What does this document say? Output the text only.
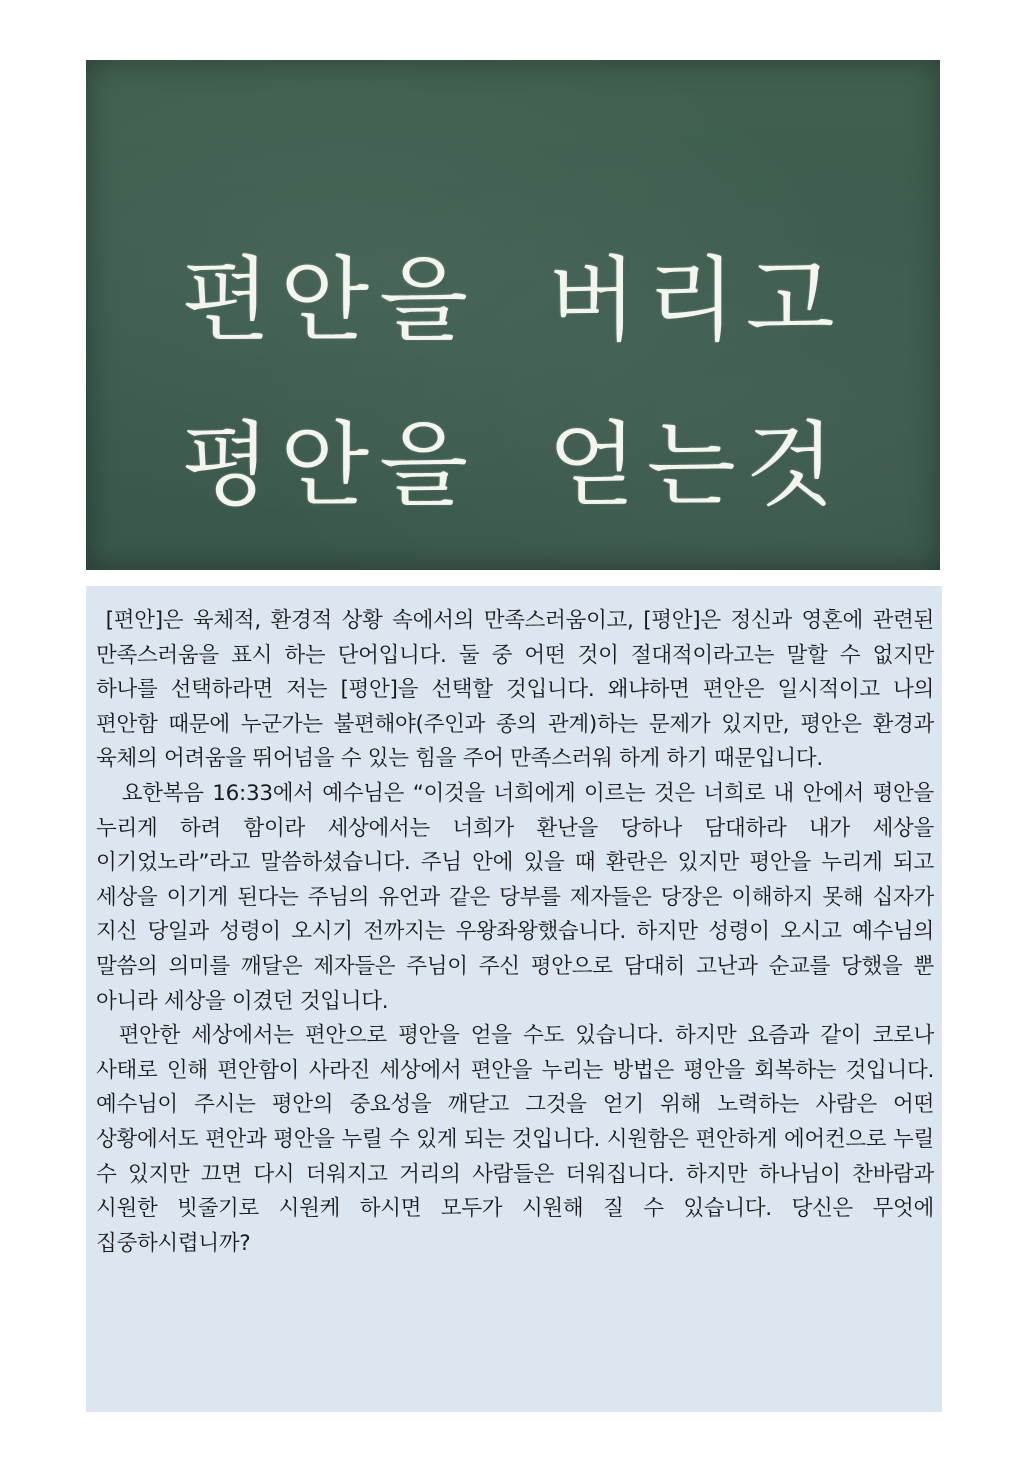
편안을 버리고
평안을 얻는것

[편안]은 육체적, 환경적 상황 속에서의 만족스러움이고, [평안]은 정신과 영혼에 관련된 만족스러움을 표시 하는 단어입니다. 둘 중 어떤 것이 절대적이라고는 말할 수 없지만 하나를 선택하라면 저는 [평안]을 선택할 것입니다. 왜냐하면 편안은 일시적이고 나의 편안함 때문에 누군가는 불편해야(주인과 종의 관계)하는 문제가 있지만, 평안은 환경과 육체의 어려움을 뛰어넘을 수 있는 힘을 주어 만족스러워 하게 하기 때문입니다.

요한복음 16:33에서 예수님은 “이것을 너희에게 이르는 것은 너희로 내 안에서 평안을 누리게 하려 함이라 세상에서는 너희가 환난을 당하나 담대하라 내가 세상을 이기었노라”라고 말씀하셨습니다. 주님 안에 있을 때 환란은 있지만 평안을 누리게 되고 세상을 이기게 된다는 주님의 유언과 같은 당부를 제자들은 당장은 이해하지 못해 십자가 지신 당일과 성령이 오시기 전까지는 우왕좌왕했습니다. 하지만 성령이 오시고 예수님의 말씀의 의미를 깨달은 제자들은 주님이 주신 평안으로 담대히 고난과 순교를 당했을 뿐 아니라 세상을 이겼던 것입니다.

편안한 세상에서는 편안으로 평안을 얻을 수도 있습니다. 하지만 요즘과 같이 코로나 사태로 인해 편안함이 사라진 세상에서 편안을 누리는 방법은 평안을 회복하는 것입니다. 예수님이 주시는 평안의 중요성을 깨닫고 그것을 얻기 위해 노력하는 사람은 어떤 상황에서도 편안과 평안을 누릴 수 있게 되는 것입니다. 시원함은 편안하게 에어컨으로 누릴 수 있지만 끄면 다시 더워지고 거리의 사람들은 더워집니다. 하지만 하나님이 찬바람과 시원한 빗줄기로 시원케 하시면 모두가 시원해 질 수 있습니다. 당신은 무엇에 집중하시렵니까?
